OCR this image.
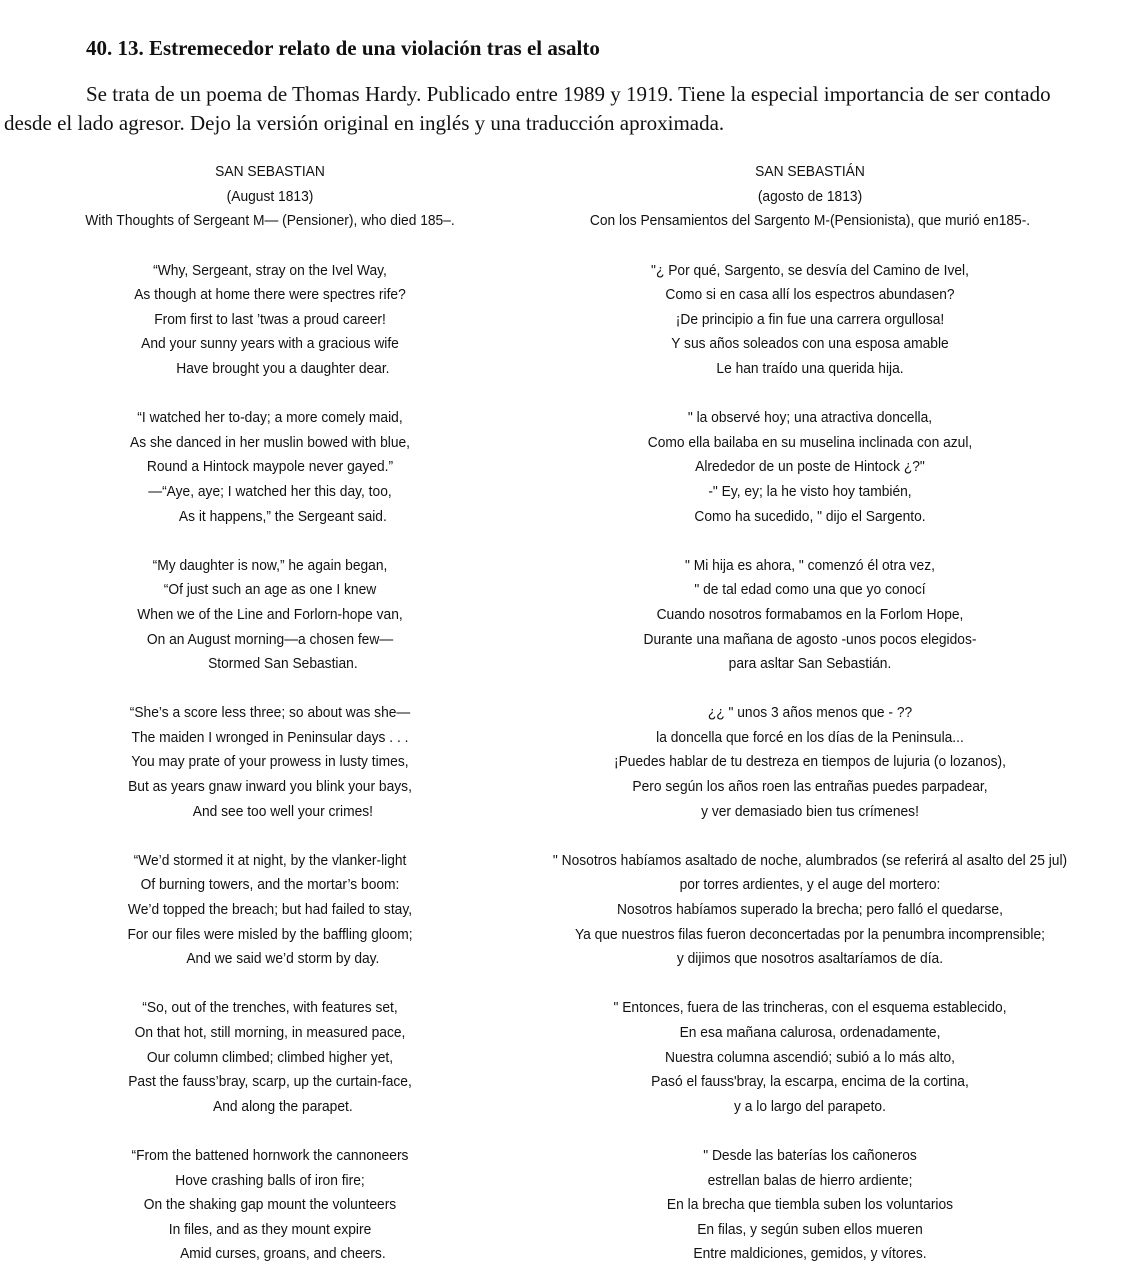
40. 13. Estremecedor relato de una violación tras el asalto

Se trata de un poema de Thomas Hardy. Publicado entre 1989 y 1919. Tiene la especial importancia de ser contado
desde el lado agresor. Dejo la versión original en inglés y una traducción aproximada.

SAN SEBASTIAN
(August 1813)
With Thoughts of Sergeant M— (Pensioner), who died 185–.
“Why, Sergeant, stray on the Ivel Way,
As though at home there were spectres rife?
From first to last ’twas a proud career!
And your sunny years with a gracious wife
Have brought you a daughter dear.
“I watched her to-day; a more comely maid,
As she danced in her muslin bowed with blue,
Round a Hintock maypole never gayed.”
—“Aye, aye; I watched her this day, too,
As it happens,” the Sergeant said.
“My daughter is now,” he again began,
“Of just such an age as one I knew
When we of the Line and Forlorn-hope van,
On an August morning—a chosen few—
Stormed San Sebastian.
“She’s a score less three; so about was she—
The maiden I wronged in Peninsular days . . .
You may prate of your prowess in lusty times,
But as years gnaw inward you blink your bays,
And see too well your crimes!
“We’d stormed it at night, by the vlanker-light
Of burning towers, and the mortar’s boom:
We’d topped the breach; but had failed to stay,
For our files were misled by the baffling gloom;
And we said we’d storm by day.
“So, out of the trenches, with features set,
On that hot, still morning, in measured pace,
Our column climbed; climbed higher yet,
Past the fauss’bray, scarp, up the curtain-face,
And along the parapet.
“From the battened hornwork the cannoneers
Hove crashing balls of iron fire;
On the shaking gap mount the volunteers
In files, and as they mount expire
Amid curses, groans, and cheers.
SAN SEBASTIÁN
(agosto de 1813)
Con los Pensamientos del Sargento M-(Pensionista), que murió en185-.
"¿ Por qué, Sargento, se desvía del Camino de Ivel,
Como si en casa allí los espectros abundasen?
¡De principio a fin fue una carrera orgullosa!
Y sus años soleados con una esposa amable
Le han traído una querida hija.
" la observé hoy; una atractiva doncella,
Como ella bailaba en su muselina inclinada con azul,
Alrededor de un poste de Hintock ¿?"
-" Ey, ey; la he visto hoy también,
Como ha sucedido, " dijo el Sargento.
" Mi hija es ahora, " comenzó él otra vez,
" de tal edad como una que yo conocí
Cuando nosotros formabamos en la Forlom Hope,
Durante una mañana de agosto -unos pocos elegidos-
para asltar San Sebastián.
¿¿ " unos 3 años menos que - ??
la doncella que forcé en los días de la Peninsula...
¡Puedes hablar de tu destreza en tiempos de lujuria (o lozanos),
Pero según los años roen las entrañas puedes parpadear,
y ver demasiado bien tus crímenes!
" Nosotros habíamos asaltado de noche, alumbrados (se referirá al asalto del 25 jul)
por torres ardientes, y el auge del mortero:
Nosotros habíamos superado la brecha; pero falló el quedarse,
Ya que nuestros filas fueron deconcertadas por la penumbra incomprensible;
y dijimos que nosotros asaltaríamos de día.
" Entonces, fuera de las trincheras, con el esquema establecido,
En esa mañana calurosa, ordenadamente,
Nuestra columna ascendió; subió a lo más alto,
Pasó el fauss'bray, la escarpa, encima de la cortina,
y a lo largo del parapeto.
" Desde las baterías los cañoneros
estrellan balas de hierro ardiente;
En la brecha que tiembla suben los voluntarios
En filas, y según suben ellos mueren
Entre maldiciones, gemidos, y vítores.
